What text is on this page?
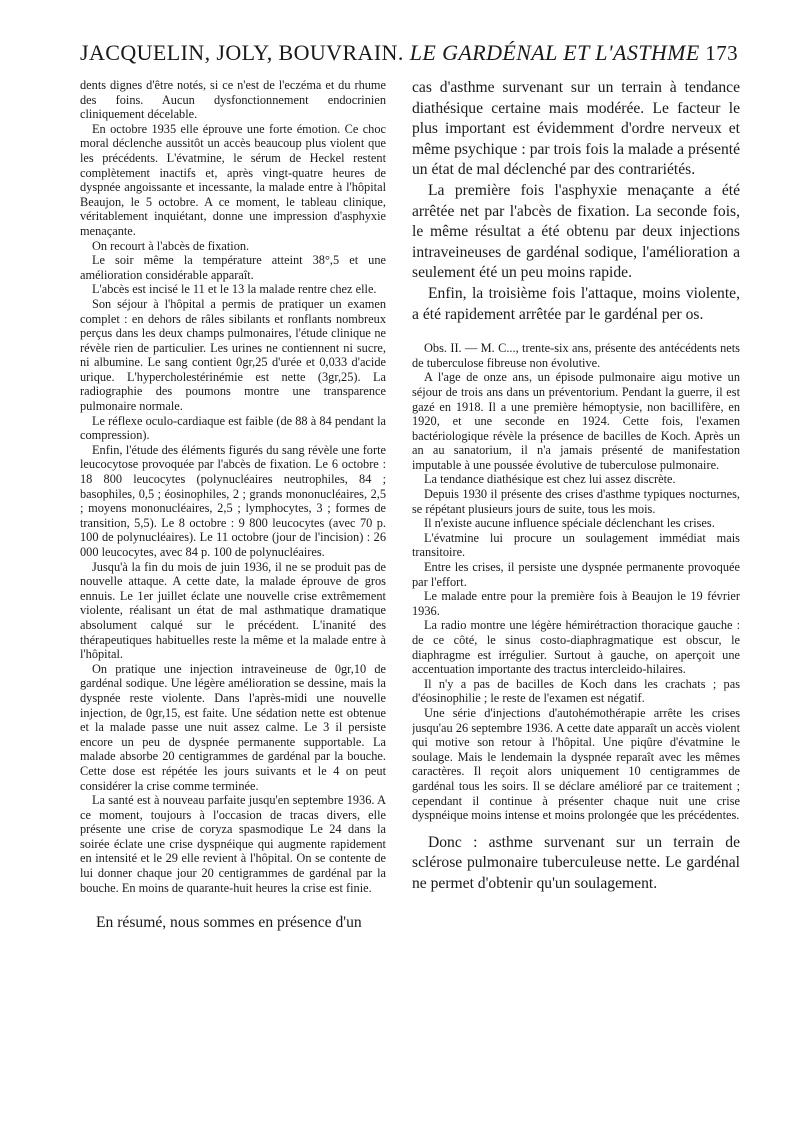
JACQUELIN, JOLY, BOUVRAIN. LE GARDÉNAL ET L'ASTHME 173

dents dignes d'être notés, si ce n'est de l'eczéma et du rhume des foins. Aucun dysfonctionnement endocrinien cliniquement décelable.

En octobre 1935 elle éprouve une forte émotion. Ce choc moral déclenche aussitôt un accès beaucoup plus violent que les précédents. L'évatmine, le sérum de Heckel restent complètement inactifs et, après vingt-quatre heures de dyspnée angoissante et incessante, la malade entre à l'hôpital Beaujon, le 5 octobre. A ce moment, le tableau clinique, véritablement inquiétant, donne une impression d'asphyxie menaçante.

On recourt à l'abcès de fixation.

Le soir même la température atteint 38°,5 et une amélioration considérable apparaît.

L'abcès est incisé le 11 et le 13 la malade rentre chez elle.

Son séjour à l'hôpital a permis de pratiquer un examen complet : en dehors de râles sibilants et ronflants nombreux perçus dans les deux champs pulmonaires, l'étude clinique ne révèle rien de particulier. Les urines ne contiennent ni sucre, ni albumine. Le sang contient 0gr,25 d'urée et 0,033 d'acide urique. L'hypercholestérinémie est nette (3gr,25). La radiographie des poumons montre une transparence pulmonaire normale.

Le réflexe oculo-cardiaque est faible (de 88 à 84 pendant la compression).

Enfin, l'étude des éléments figurés du sang révèle une forte leucocytose provoquée par l'abcès de fixation. Le 6 octobre : 18 800 leucocytes (polynucléaires neutrophiles, 84 ; basophiles, 0,5 ; éosinophiles, 2 ; grands mononucléaires, 2,5 ; moyens mononucléaires, 2,5 ; lymphocytes, 3 ; formes de transition, 5,5). Le 8 octobre : 9 800 leucocytes (avec 70 p. 100 de polynucléaires). Le 11 octobre (jour de l'incision) : 26 000 leucocytes, avec 84 p. 100 de polynucléaires.

Jusqu'à la fin du mois de juin 1936, il ne se produit pas de nouvelle attaque. A cette date, la malade éprouve de gros ennuis. Le 1er juillet éclate une nouvelle crise extrêmement violente, réalisant un état de mal asthmatique dramatique absolument calqué sur le précédent. L'inanité des thérapeutiques habituelles reste la même et la malade entre à l'hôpital.

On pratique une injection intraveineuse de 0gr,10 de gardénal sodique. Une légère amélioration se dessine, mais la dyspnée reste violente. Dans l'après-midi une nouvelle injection, de 0gr,15, est faite. Une sédation nette est obtenue et la malade passe une nuit assez calme. Le 3 il persiste encore un peu de dyspnée permanente supportable. La malade absorbe 20 centigrammes de gardénal par la bouche. Cette dose est répétée les jours suivants et le 4 on peut considérer la crise comme terminée.

La santé est à nouveau parfaite jusqu'en septembre 1936. A ce moment, toujours à l'occasion de tracas divers, elle présente une crise de coryza spasmodique Le 24 dans la soirée éclate une crise dyspnéique qui augmente rapidement en intensité et le 29 elle revient à l'hôpital. On se contente de lui donner chaque jour 20 centigrammes de gardénal par la bouche. En moins de quarante-huit heures la crise est finie.

En résumé, nous sommes en présence d'un

cas d'asthme survenant sur un terrain à tendance diathésique certaine mais modérée. Le facteur le plus important est évidemment d'ordre nerveux et même psychique : par trois fois la malade a présenté un état de mal déclenché par des contrariétés.

La première fois l'asphyxie menaçante a été arrêtée net par l'abcès de fixation. La seconde fois, le même résultat a été obtenu par deux injections intraveineuses de gardénal sodique, l'amélioration a seulement été un peu moins rapide.

Enfin, la troisième fois l'attaque, moins violente, a été rapidement arrêtée par le gardénal per os.

Obs. II. — M. C..., trente-six ans, présente des antécédents nets de tuberculose fibreuse non évolutive.

A l'age de onze ans, un épisode pulmonaire aigu motive un séjour de trois ans dans un préventorium. Pendant la guerre, il est gazé en 1918. Il a une première hémoptysie, non bacillifère, en 1920, et une seconde en 1924. Cette fois, l'examen bactériologique révèle la présence de bacilles de Koch. Après un an au sanatorium, il n'a jamais présenté de manifestation imputable à une poussée évolutive de tuberculose pulmonaire.

La tendance diathésique est chez lui assez discrète.

Depuis 1930 il présente des crises d'asthme typiques nocturnes, se répétant plusieurs jours de suite, tous les mois.

Il n'existe aucune influence spéciale déclenchant les crises.

L'évatmine lui procure un soulagement immédiat mais transitoire.

Entre les crises, il persiste une dyspnée permanente provoquée par l'effort.

Le malade entre pour la première fois à Beaujon le 19 février 1936.

La radio montre une légère hémirétraction thoracique gauche : de ce côté, le sinus costo-diaphragmatique est obscur, le diaphragme est irrégulier. Surtout à gauche, on aperçoit une accentuation importante des tractus intercleido-hilaires.

Il n'y a pas de bacilles de Koch dans les crachats ; pas d'éosinophilie ; le reste de l'examen est négatif.

Une série d'injections d'autohémothérapie arrête les crises jusqu'au 26 septembre 1936. A cette date apparaît un accès violent qui motive son retour à l'hôpital. Une piqûre d'évatmine le soulage. Mais le lendemain la dyspnée reparaît avec les mêmes caractères. Il reçoit alors uniquement 10 centigrammes de gardénal tous les soirs. Il se déclare amélioré par ce traitement ; cependant il continue à présenter chaque nuit une crise dyspnéique moins intense et moins prolongée que les précédentes.

Donc : asthme survenant sur un terrain de sclérose pulmonaire tuberculeuse nette. Le gardénal ne permet d'obtenir qu'un soulagement.
